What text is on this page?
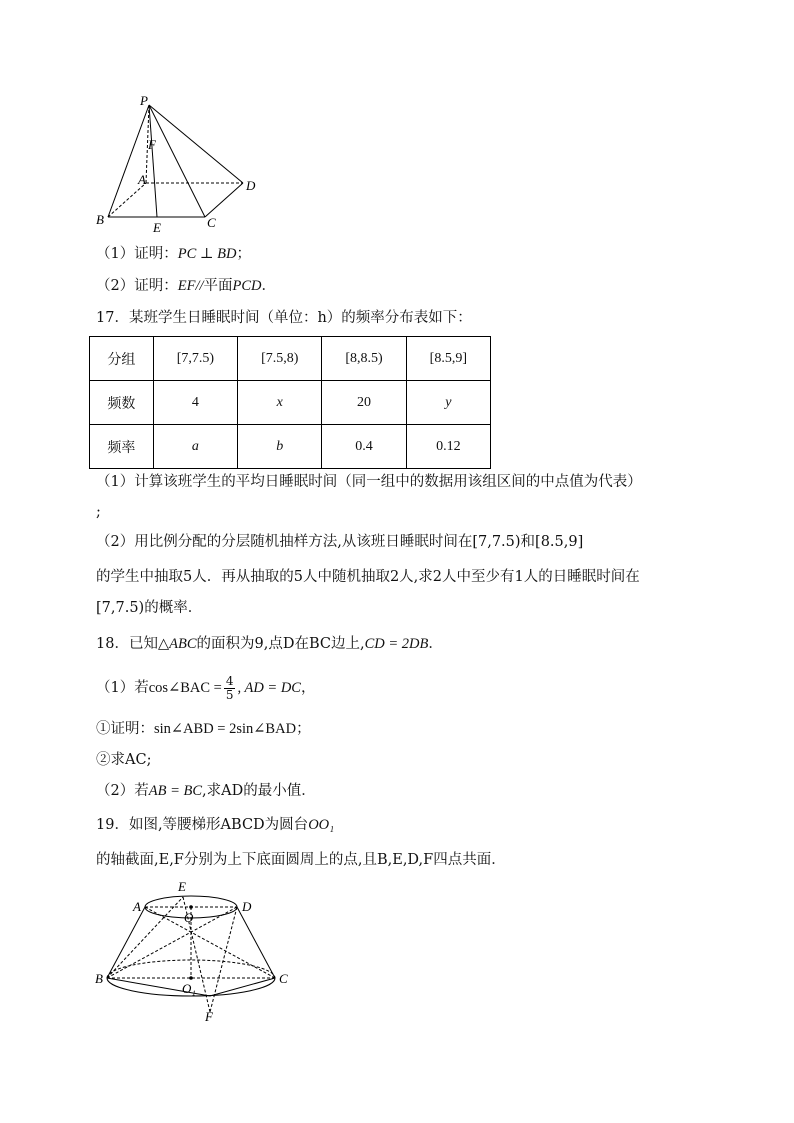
P
F
A	D
B
E	C
（1）证明：PC ⊥ BD；
（2）证明：EF//平面PCD．
17．某班学生日睡眠时间（单位：h）的频率分布表如下：
分组	[7,7.5)	[7.5,8)	[8,8.5)	[8.5,9]
频数	4	x	20	y
频率	a	b	0.4	0.12
（1）计算该班学生的平均日睡眠时间（同一组中的数据用该组区间的中点值为代表）
;
（2）用比例分配的分层随机抽样方法,从该班日睡眠时间在[7,7.5)和[8.5,9]
的学生中抽取5人．再从抽取的5人中随机抽取2人,求2人中至少有1人的日睡眠时间在
[7,7.5)的概率．
18．已知△ABC的面积为9,点D在BC边上,CD = 2DB．
（1）若cos∠BAC = $\frac{4}{5}$ , AD = DC，
①证明：sin∠ABD = 2sin∠BAD；
②求AC;
（2）若AB = BC,求AD的最小值．
19．如图,等腰梯形ABCD为圆台OO₁
的轴截面,E,F分别为上下底面圆周上的点,且B,E,D,F四点共面．
A
E
D
O
B	C
O₁
F
